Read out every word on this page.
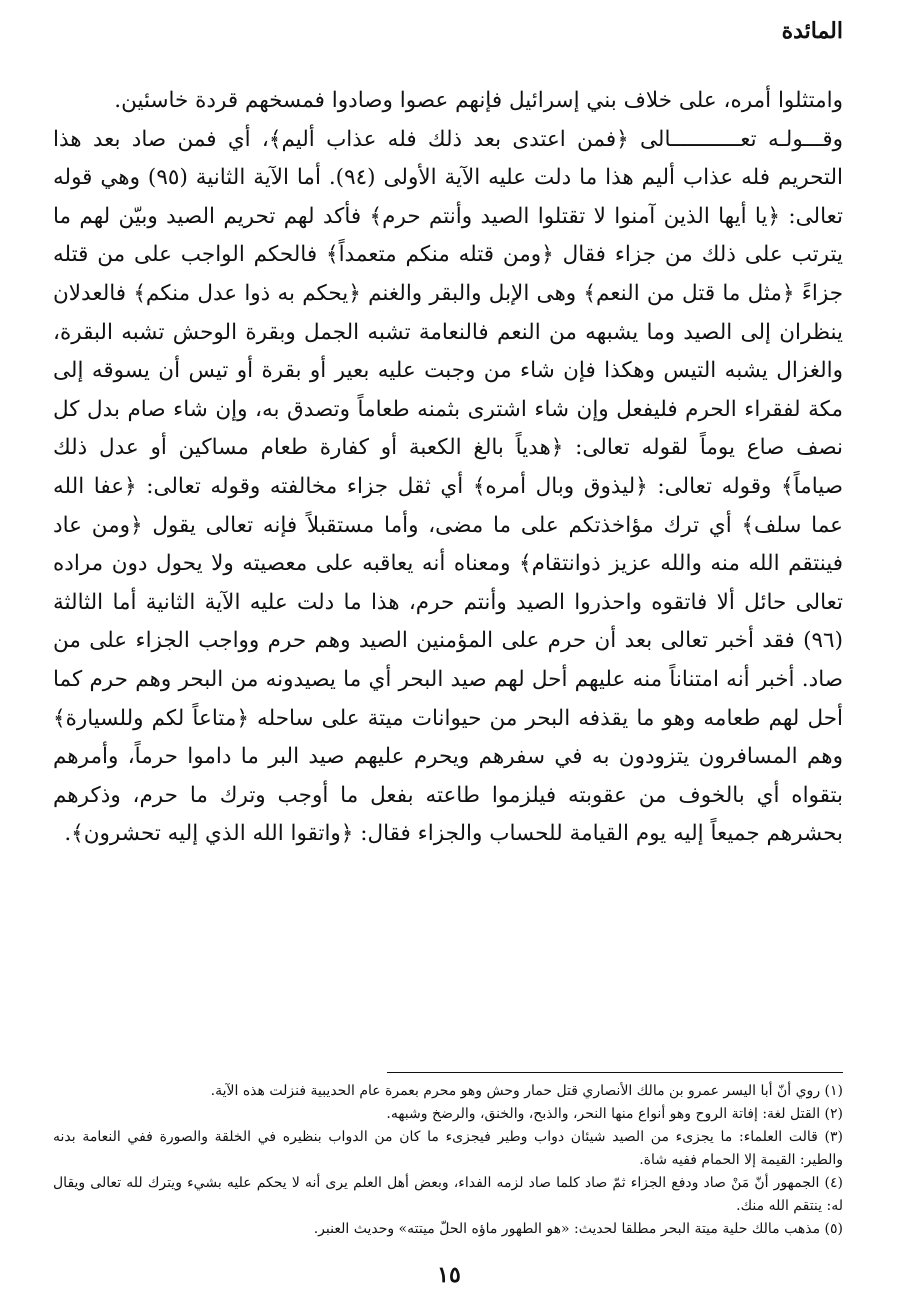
المائدة

وامتثلوا أمره، على خلاف بني إسرائيل فإنهم عصوا وصادوا فمسخهم قردة خاسئين.

وقـــولـه تعـــــــــــالى ﴿فمن اعتدى بعد ذلك فله عذاب أليم﴾، أي فمن صاد بعد هذا التحريم فله عذاب أليم هذا ما دلت عليه الآية الأولى (٩٤). أما الآية الثانية (٩٥) وهي قوله تعالى: ﴿يا أيها الذين آمنوا لا تقتلوا الصيد وأنتم حرم﴾ فأكد لهم تحريم الصيد وبيّن لهم ما يترتب على ذلك من جزاء فقال ﴿ومن قتله منكم متعمداً﴾ فالحكم الواجب على من قتله جزاءً ﴿مثل ما قتل من النعم﴾ وهى الإبل والبقر والغنم ﴿يحكم به ذوا عدل منكم﴾ فالعدلان ينظران إلى الصيد وما يشبهه من النعم فالنعامة تشبه الجمل وبقرة الوحش تشبه البقرة، والغزال يشبه التيس وهكذا فإن شاء من وجبت عليه بعير أو بقرة أو تيس أن يسوقه إلى مكة لفقراء الحرم فليفعل وإن شاء اشترى بثمنه طعاماً وتصدق به، وإن شاء صام بدل كل نصف صاع يوماً لقوله تعالى: ﴿هدياً بالغ الكعبة أو كفارة طعام مساكين أو عدل ذلك صياماً﴾ وقوله تعالى: ﴿ليذوق وبال أمره﴾ أي ثقل جزاء مخالفته وقوله تعالى: ﴿عفا الله عما سلف﴾ أي ترك مؤاخذتكم على ما مضى، وأما مستقبلاً فإنه تعالى يقول ﴿ومن عاد فينتقم الله منه والله عزيز ذوانتقام﴾ ومعناه أنه يعاقبه على معصيته ولا يحول دون مراده تعالى حائل ألا فاتقوه واحذروا الصيد وأنتم حرم، هذا ما دلت عليه الآية الثانية أما الثالثة (٩٦) فقد أخبر تعالى بعد أن حرم على المؤمنين الصيد وهم حرم وواجب الجزاء على من صاد. أخبر أنه امتناناً منه عليهم أحل لهم صيد البحر أي ما يصيدونه من البحر وهم حرم كما أحل لهم طعامه وهو ما يقذفه البحر من حيوانات ميتة على ساحله ﴿متاعاً لكم وللسيارة﴾ وهم المسافرون يتزودون به في سفرهم ويحرم عليهم صيد البر ما داموا حرماً، وأمرهم بتقواه أي بالخوف من عقوبته فيلزموا طاعته بفعل ما أوجب وترك ما حرم، وذكرهم بحشرهم جميعاً إليه يوم القيامة للحساب والجزاء فقال: ﴿واتقوا الله الذي إليه تحشرون﴾.

(١) روي أنّ أبا اليسر عمرو بن مالك الأنصاري قتل حمار وحش وهو محرم بعمرة عام الحديبية فنزلت هذه الآية.
(٢) القتل لغة: إفاتة الروح وهو أنواع منها النحر، والذبح، والخنق، والرضخ وشبهه.
(٣) قالت العلماء: ما يجزىء من الصيد شيئان دواب وطير فيجزىء ما كان من الدواب بنظيره في الخلقة والصورة ففي النعامة بدنه والطير: القيمة إلا الحمام ففيه شاة.
(٤) الجمهور أنّ مَنْ صاد ودفع الجزاء ثمّ صاد كلما صاد لزمه الفداء، وبعض أهل العلم يرى أنه لا يحكم عليه بشيء ويترك لله تعالى ويقال له: ينتقم الله منك.
(٥) مذهب مالك حلية ميتة البحر مطلقا لحديث: «هو الطهور ماؤه الحلّ ميتته» وحديث العنبر.
١٥
